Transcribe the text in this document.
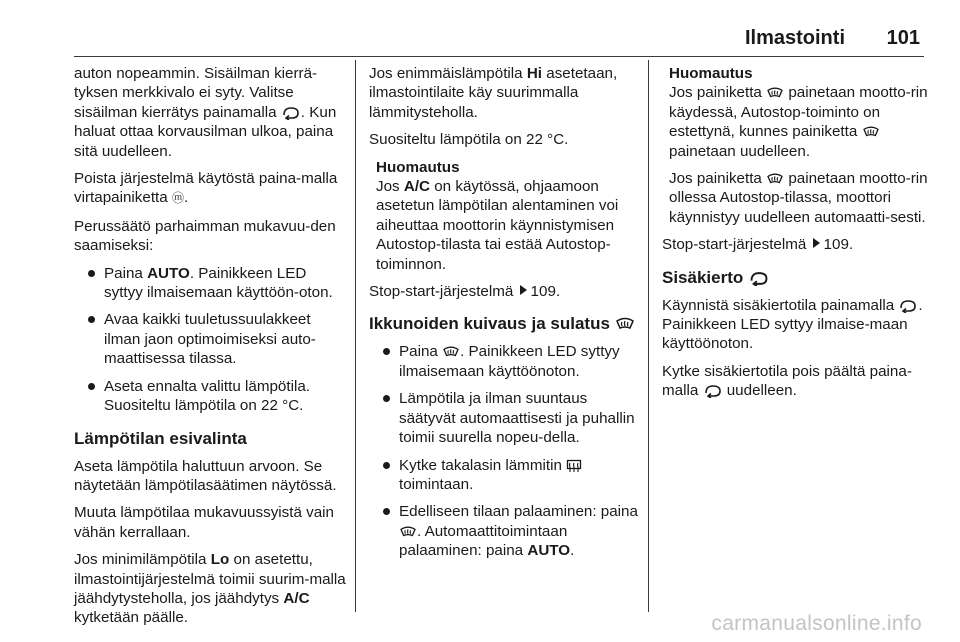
Ilmastointi 101

auton nopeammin. Sisäilman kierrä-tyksen merkkivalo ei syty. Valitse sisäilman kierrätys painamalla . Kun haluat ottaa korvausilman ulkoa, paina sitä uudelleen.

Poista järjestelmä käytöstä paina-malla virtapainiketta ⓜ.

Perussäätö parhaimman mukavuu-den saamiseksi:

Paina AUTO. Painikkeen LED syttyy ilmaisemaan käyttöön-oton.
Avaa kaikki tuuletussuulakkeet ilman jaon optimoimiseksi auto-maattisessa tilassa.
Aseta ennalta valittu lämpötila. Suositeltu lämpötila on 22 °C.
Lämpötilan esivalinta

Aseta lämpötila haluttuun arvoon. Se näytetään lämpötilasäätimen näytössä.

Muuta lämpötilaa mukavuussyistä vain vähän kerrallaan.

Jos minimilämpötila Lo on asetettu, ilmastointijärjestelmä toimii suurim-malla jäähdytysteholla, jos jäähdytys A/C kytketään päälle.

Jos enimmäislämpötila Hi asetetaan, ilmastointilaite käy suurimmalla lämmitysteholla.

Suositeltu lämpötila on 22 °C.

Huomautus

Jos A/C on käytössä, ohjaamoon asetetun lämpötilan alentaminen voi aiheuttaa moottorin käynnistymisen Autostop-tilasta tai estää Autostop-toiminnon.

Stop-start-järjestelmä 109.

Ikkunoiden kuivaus ja sulatus
Paina . Painikkeen LED syttyy ilmaisemaan käyttöönoton.
Lämpötila ja ilman suuntaus säätyvät automaattisesti ja puhallin toimii suurella nopeu-della.
Kytke takalasin lämmitin  toimintaan.
Edelliseen tilaan palaaminen: paina . Automaattitoimintaan palaaminen: paina AUTO.
Huomautus

Jos painiketta  painetaan mootto-rin käydessä, Autostop-toiminto on estettynä, kunnes painiketta  painetaan uudelleen.

Jos painiketta  painetaan mootto-rin ollessa Autostop-tilassa, moottori käynnistyy uudelleen automaatti-sesti.

Stop-start-järjestelmä 109.

Sisäkierto

Käynnistä sisäkiertotila painamalla . Painikkeen LED syttyy ilmaise-maan käyttöönoton.

Kytke sisäkiertotila pois päältä paina-malla  uudelleen.

carmanualsonline.info
